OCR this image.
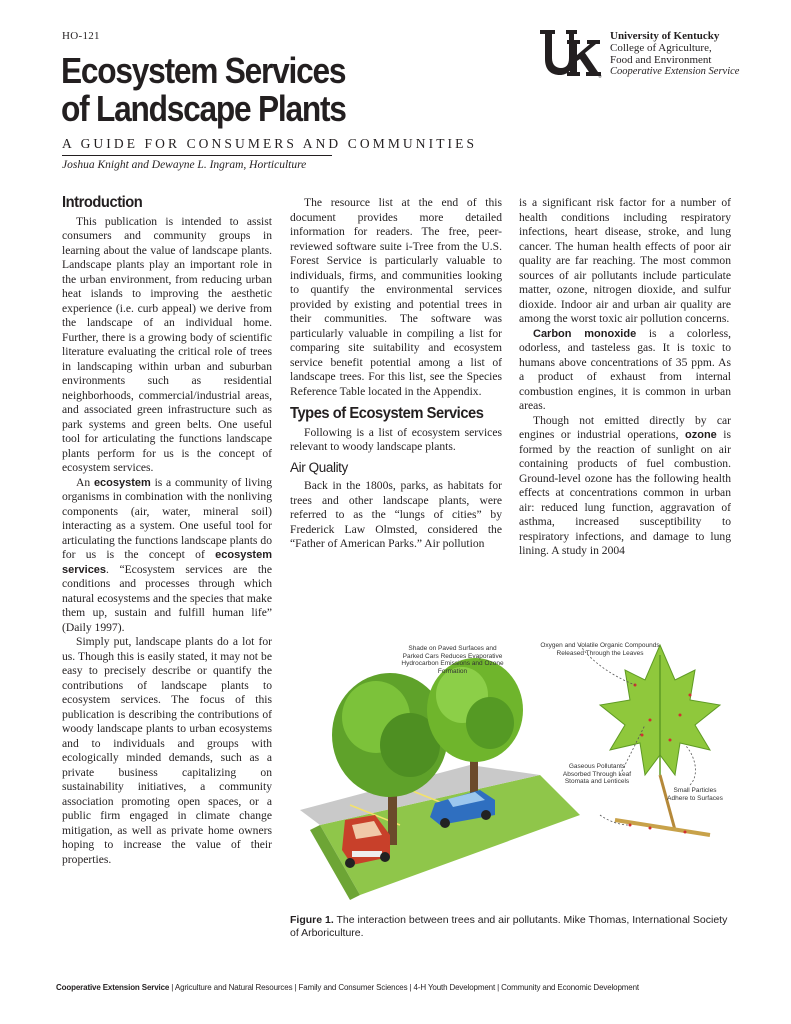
HO-121
Ecosystem Services
of Landscape Plants
A GUIDE FOR CONSUMERS AND COMMUNITIES
Joshua Knight and Dewayne L. Ingram, Horticulture
®
University of Kentucky
College of Agriculture,
Food and Environment
Cooperative Extension Service
Introduction

This publication is intended to assist consumers and community groups in learning about the value of landscape plants. Landscape plants play an important role in the urban environment, from reducing urban heat islands to improving the aesthetic experience (i.e. curb appeal) we derive from the landscape of an individual home. Further, there is a growing body of scientific literature evaluating the critical role of trees in landscaping within urban and suburban environments such as residential neighborhoods, commercial/industrial areas, and associated green infrastructure such as park systems and green belts. One useful tool for articulating the functions landscape plants perform for us is the concept of ecosystem services.

An ecosystem is a community of living organisms in combination with the nonliving components (air, water, mineral soil) interacting as a system. One useful tool for articulating the functions landscape plants do for us is the concept of ecosystem services. “Ecosystem services are the conditions and processes through which natural ecosystems and the species that make them up, sustain and fulfill human life” (Daily 1997).

Simply put, landscape plants do a lot for us. Though this is easily stated, it may not be easy to precisely describe or quantify the contributions of landscape plants to ecosystem services. The focus of this publication is describing the contributions of woody landscape plants to urban ecosystems and to individuals and groups with ecologically minded demands, such as a private business capitalizing on sustainability initiatives, a community association promoting open spaces, or a public firm engaged in climate change mitigation, as well as private home owners hoping to increase the value of their properties.

The resource list at the end of this document provides more detailed information for readers. The free, peer-reviewed software suite i-Tree from the U.S. Forest Service is particularly valuable to individuals, firms, and communities looking to quantify the environmental services provided by existing and potential trees in their communities. The software was particularly valuable in compiling a list for comparing site suitability and ecosystem service benefit potential among a list of landscape trees. For this list, see the Species Reference Table located in the Appendix.

Types of Ecosystem Services

Following is a list of ecosystem services relevant to woody landscape plants.

Air Quality

Back in the 1800s, parks, as habitats for trees and other landscape plants, were referred to as the “lungs of cities” by Frederick Law Olmsted, considered the “Father of American Parks.” Air pollution

is a significant risk factor for a number of health conditions including respiratory infections, heart disease, stroke, and lung cancer. The human health effects of poor air quality are far reaching. The most common sources of air pollutants include particulate matter, ozone, nitrogen dioxide, and sulfur dioxide. Indoor air and urban air quality are among the worst toxic air pollution concerns.

Carbon monoxide is a colorless, odorless, and tasteless gas. It is toxic to humans above concentrations of 35 ppm. As a product of exhaust from internal combustion engines, it is common in urban areas.

Though not emitted directly by car engines or industrial operations, ozone is formed by the reaction of sunlight on air containing products of fuel combustion. Ground-level ozone has the following health effects at concentrations common in urban air: reduced lung function, aggravation of asthma, increased susceptibility to respiratory infections, and damage to lung lining. A study in 2004

Shade on Paved Surfaces and Parked Cars Reduces Evaporative Hydrocarbon Emissions and Ozone Formation
Oxygen and Volatile Organic Compounds Released Through the Leaves
Gaseous Pollutants Absorbed Through Leaf Stomata and Lenticels
Small Particles Adhere to Surfaces
Figure 1. The interaction between trees and air pollutants. Mike Thomas, International Society of Arboriculture.
Cooperative Extension Service | Agriculture and Natural Resources | Family and Consumer Sciences | 4-H Youth Development | Community and Economic Development
